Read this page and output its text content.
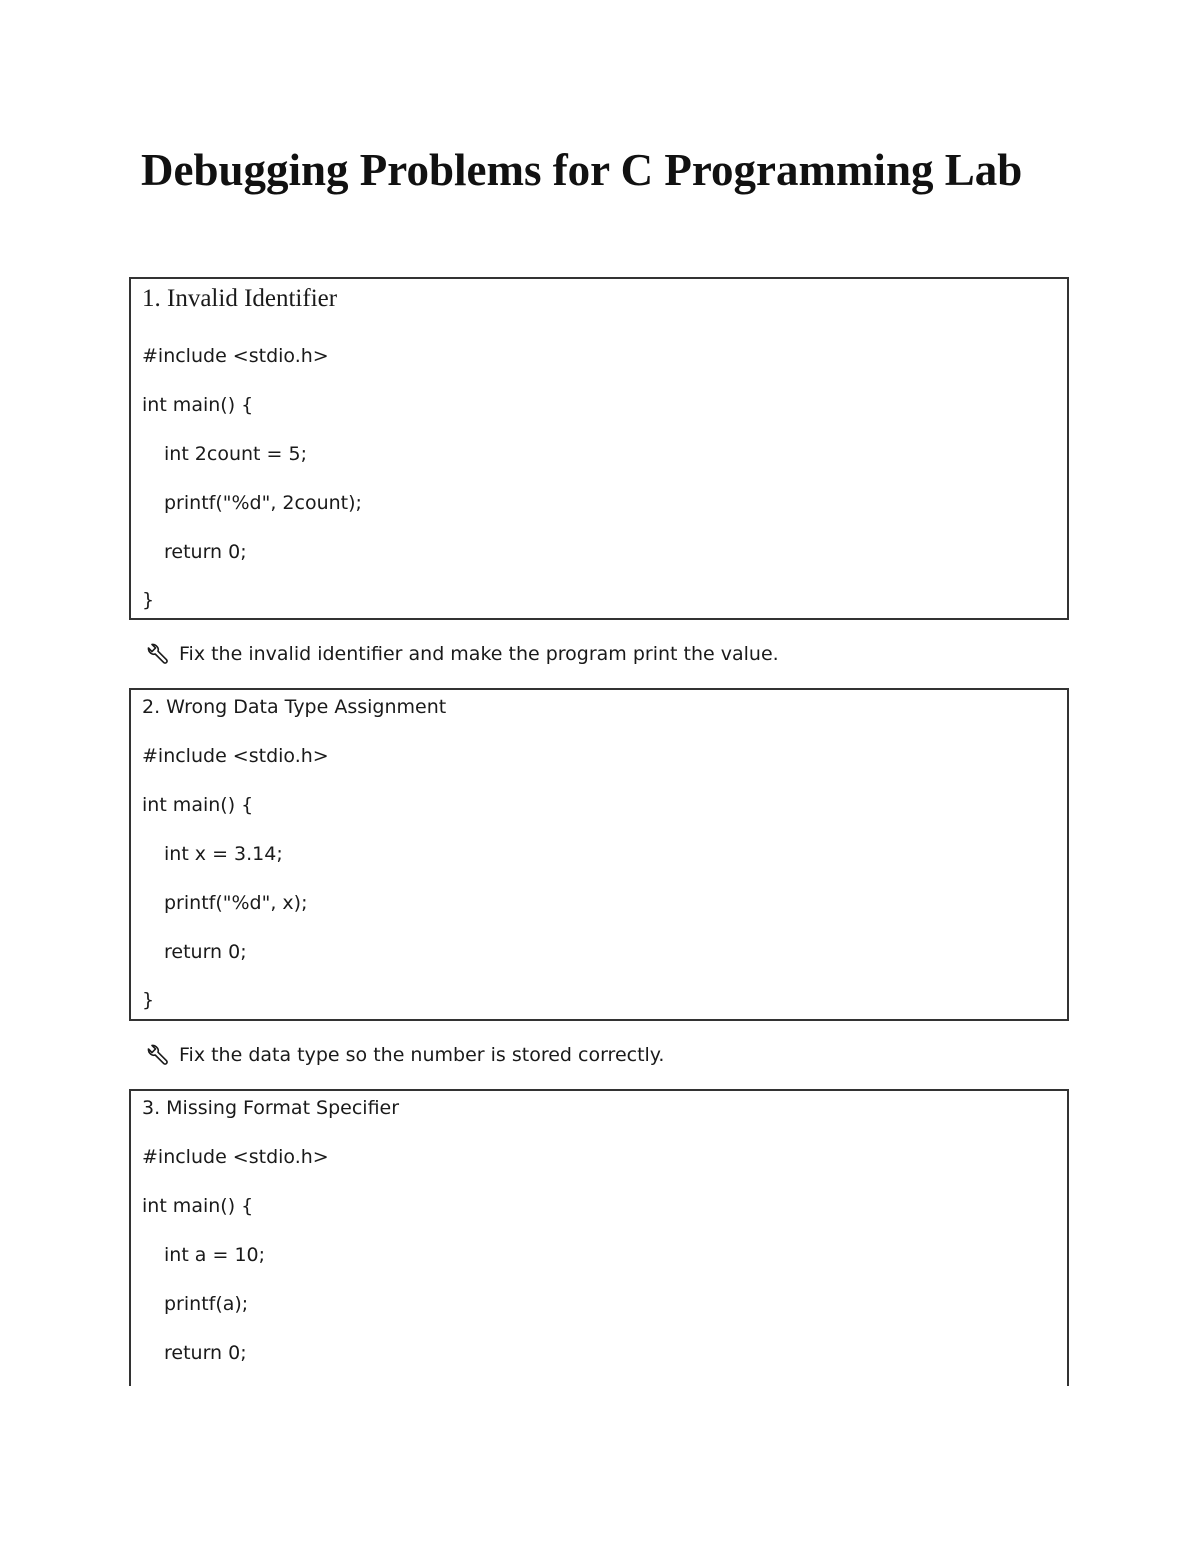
Debugging Problems for C Programming Lab
1. Invalid Identifier
#include <stdio.h>
int main() {
int 2count = 5;
printf("%d", 2count);
return 0;
}
Fix the invalid identifier and make the program print the value.
2. Wrong Data Type Assignment
#include <stdio.h>
int main() {
int x = 3.14;
printf("%d", x);
return 0;
}
Fix the data type so the number is stored correctly.
3. Missing Format Specifier
#include <stdio.h>
int main() {
int a = 10;
printf(a);
return 0;
